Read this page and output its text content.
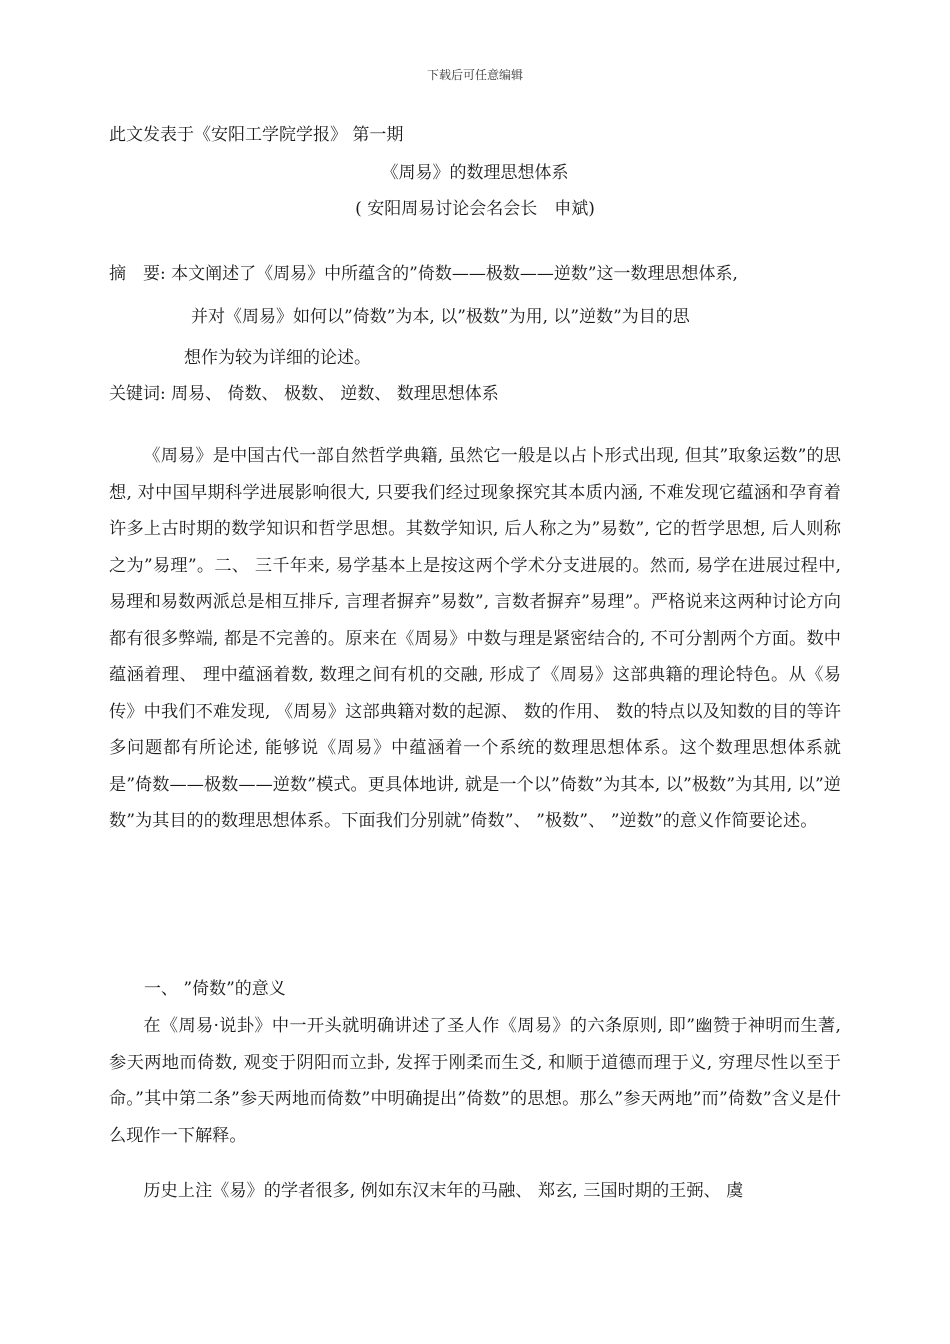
下载后可任意编辑
此文发表于《安阳工学院学报》 第一期
《周易》的数理思想体系
( 安阳周易讨论会名会长　申斌)
摘　要: 本文阐述了《周易》中所蕴含的”倚数——极数——逆数”这一数理思想体系,
并对《周易》如何以”倚数”为本, 以”极数”为用, 以”逆数”为目的思
想作为较为详细的论述。
关键词: 周易、 倚数、 极数、 逆数、 数理思想体系

《周易》是中国古代一部自然哲学典籍, 虽然它一般是以占卜形式出现, 但其”取象运数”的思想, 对中国早期科学进展影响很大, 只要我们经过现象探究其本质内涵, 不难发现它蕴涵和孕育着许多上古时期的数学知识和哲学思想。其数学知识, 后人称之为”易数”, 它的哲学思想, 后人则称之为”易理”。二、 三千年来, 易学基本上是按这两个学术分支进展的。然而, 易学在进展过程中, 易理和易数两派总是相互排斥, 言理者摒弃”易数”, 言数者摒弃”易理”。严格说来这两种讨论方向都有很多弊端, 都是不完善的。原来在《周易》中数与理是紧密结合的, 不可分割两个方面。数中蕴涵着理、 理中蕴涵着数, 数理之间有机的交融, 形成了《周易》这部典籍的理论特色。从《易传》中我们不难发现, 《周易》这部典籍对数的起源、 数的作用、 数的特点以及知数的目的等许多问题都有所论述, 能够说《周易》中蕴涵着一个系统的数理思想体系。这个数理思想体系就是”倚数——极数——逆数”模式。更具体地讲, 就是一个以”倚数”为其本, 以”极数”为其用, 以”逆数”为其目的的数理思想体系。下面我们分别就”倚数”、 ”极数”、 ”逆数”的意义作简要论述。

一、 ”倚数”的意义

在《周易·说卦》中一开头就明确讲述了圣人作《周易》的六条原则, 即”幽赞于神明而生蓍, 参天两地而倚数, 观变于阴阳而立卦, 发挥于刚柔而生爻, 和顺于道德而理于义, 穷理尽性以至于命。”其中第二条”参天两地而倚数”中明确提出”倚数”的思想。那么”参天两地”而”倚数”含义是什么现作一下解释。

历史上注《易》的学者很多, 例如东汉末年的马融、 郑玄, 三国时期的王弼、 虞
